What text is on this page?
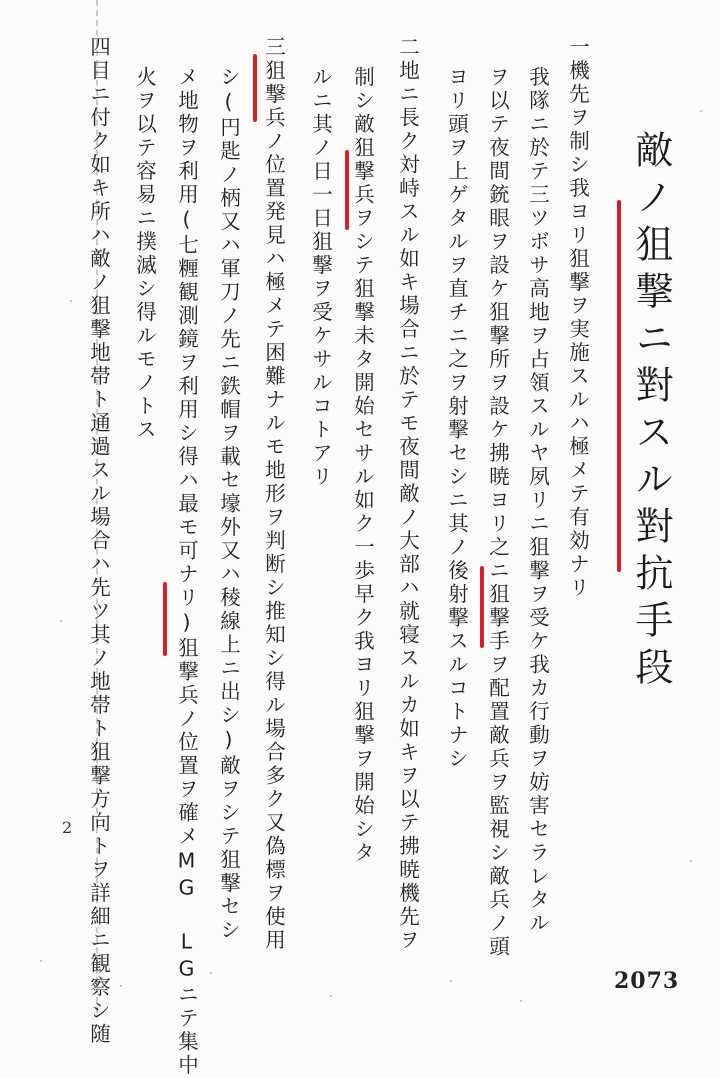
敵ノ狙撃ニ對スル對抗手段
一機先ヲ制シ我ヨリ狙撃ヲ実施スルハ極メテ有効ナリ
我隊ニ於テ三ツボサ高地ヲ占領スルヤ夙リニ狙撃ヲ受ケ我カ行動ヲ妨害セラレタル
ヲ以テ夜間銃眼ヲ設ケ狙撃所ヲ設ケ拂暁ヨリ之ニ狙撃手ヲ配置敵兵ヲ監視シ敵兵ノ頭
ヨリ頭ヲ上ゲタルヲ直チニ之ヲ射撃セシニ其ノ後射撃スルコトナシ
二地ニ長ク対峙スル如キ場合ニ於テモ夜間敵ノ大部ハ就寝スルカ如キヲ以テ拂暁機先ヲ
制シ敵狙撃兵ヲシテ狙撃未タ開始セサル如ク一歩早ク我ヨリ狙撃ヲ開始シタ
ルニ其ノ日一日狙撃ヲ受ケサルコトアリ
三狙撃兵ノ位置発見ハ極メテ困難ナルモ地形ヲ判断シ推知シ得ル場合多ク又偽標ヲ使用
シ(円匙ノ柄又ハ軍刀ノ先ニ鉄帽ヲ載セ壕外又ハ稜線上ニ出シ)敵ヲシテ狙撃セシ
メ地物ヲ利用(七糎観測鏡ヲ利用シ得ハ最モ可ナリ)狙撃兵ノ位置ヲ確メMG LGニテ集中
火ヲ以テ容易ニ撲滅シ得ルモノトス
四目ニ付ク如キ所ハ敵ノ狙撃地帯ト通過スル場合ハ先ツ其ノ地帯ト狙撃方向トヲ詳細ニ観察シ随
2
2073
